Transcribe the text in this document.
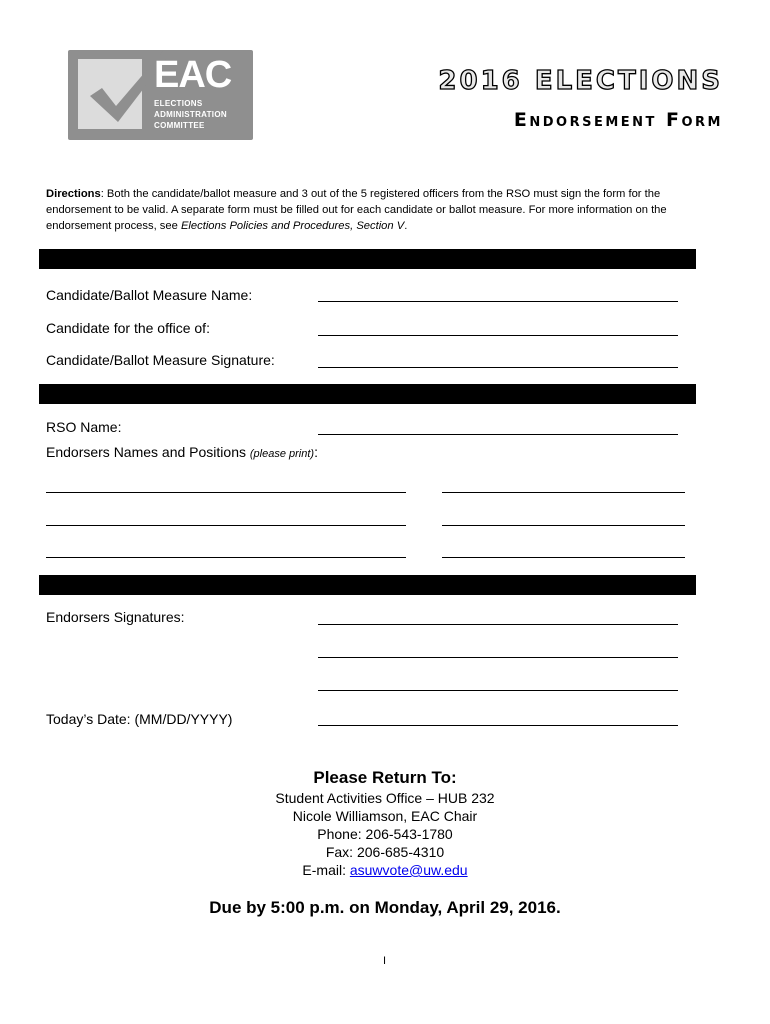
EAC
ELECTIONS
ADMINISTRATION
COMMITTEE
2016 ELECTIONS
Endorsement Form
Directions: Both the candidate/ballot measure and 3 out of the 5 registered officers from the RSO must sign the form for the endorsement to be valid. A separate form must be filled out for each candidate or ballot measure. For more information on the endorsement process, see Elections Policies and Procedures, Section V.
Candidate/Ballot Measure Name:
Candidate for the office of:
Candidate/Ballot Measure Signature:
RSO Name:
Endorsers Names and Positions (please print):
Endorsers Signatures:
Today’s Date: (MM/DD/YYYY)
Please Return To:
Student Activities Office – HUB 232
Nicole Williamson, EAC Chair
Phone: 206-543-1780
Fax: 206-685-4310
E-mail: asuwvote@uw.edu
Due by 5:00 p.m. on Monday, April 29, 2016.
I
